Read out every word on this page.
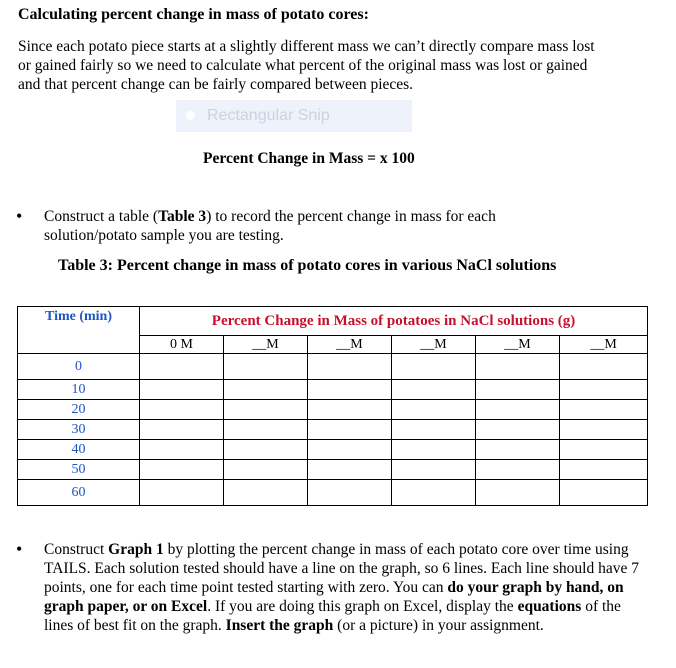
Calculating percent change in mass of potato cores:
Since each potato piece starts at a slightly different mass we can’t directly compare mass lost or gained fairly so we need to calculate what percent of the original mass was lost or gained and that percent change can be fairly compared between pieces.
Rectangular Snip
Percent Change in Mass = x 100
• Construct a table (Table 3) to record the percent change in mass for each solution/potato sample you are testing.
Table 3: Percent change in mass of potato cores in various NaCl solutions
Time (min)	Percent Change in Mass of potatoes in NaCl solutions (g)					
	0 M	__M	__M	__M	__M	__M
0						
10						
20						
30						
40						
50						
60						
• Construct Graph 1 by plotting the percent change in mass of each potato core over time using TAILS. Each solution tested should have a line on the graph, so 6 lines. Each line should have 7 points, one for each time point tested starting with zero. You can do your graph by hand, on graph paper, or on Excel. If you are doing this graph on Excel, display the equations of the lines of best fit on the graph. Insert the graph (or a picture) in your assignment.
